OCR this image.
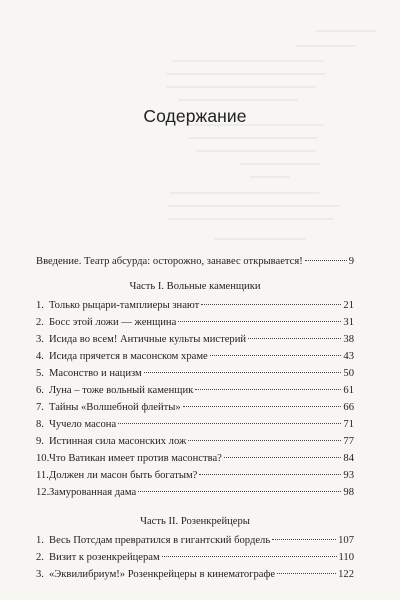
Содержание
Введение. Театр абсурда: осторожно, занавес открывается!	9
Часть I. Вольные каменщики
1. Только рыцари-тамплиеры знают	21
2. Босс этой ложи — женщина	31
3. Исида во всем! Античные культы мистерий	38
4. Исида прячется в масонском храме	43
5. Масонство и нацизм	50
6. Луна – тоже вольный каменщик	61
7. Тайны «Волшебной флейты»	66
8. Чучело масона	71
9. Истинная сила масонских лож	77
10. Что Ватикан имеет против масонства?	84
11. Должен ли масон быть богатым?	93
12. Замурованная дама	98
Часть II. Розенкрейцеры
1. Весь Потсдам превратился в гигантский бордель	107
2. Визит к розенкрейцерам	110
3. «Эквилибриум!» Розенкрейцеры в кинематографе	122
